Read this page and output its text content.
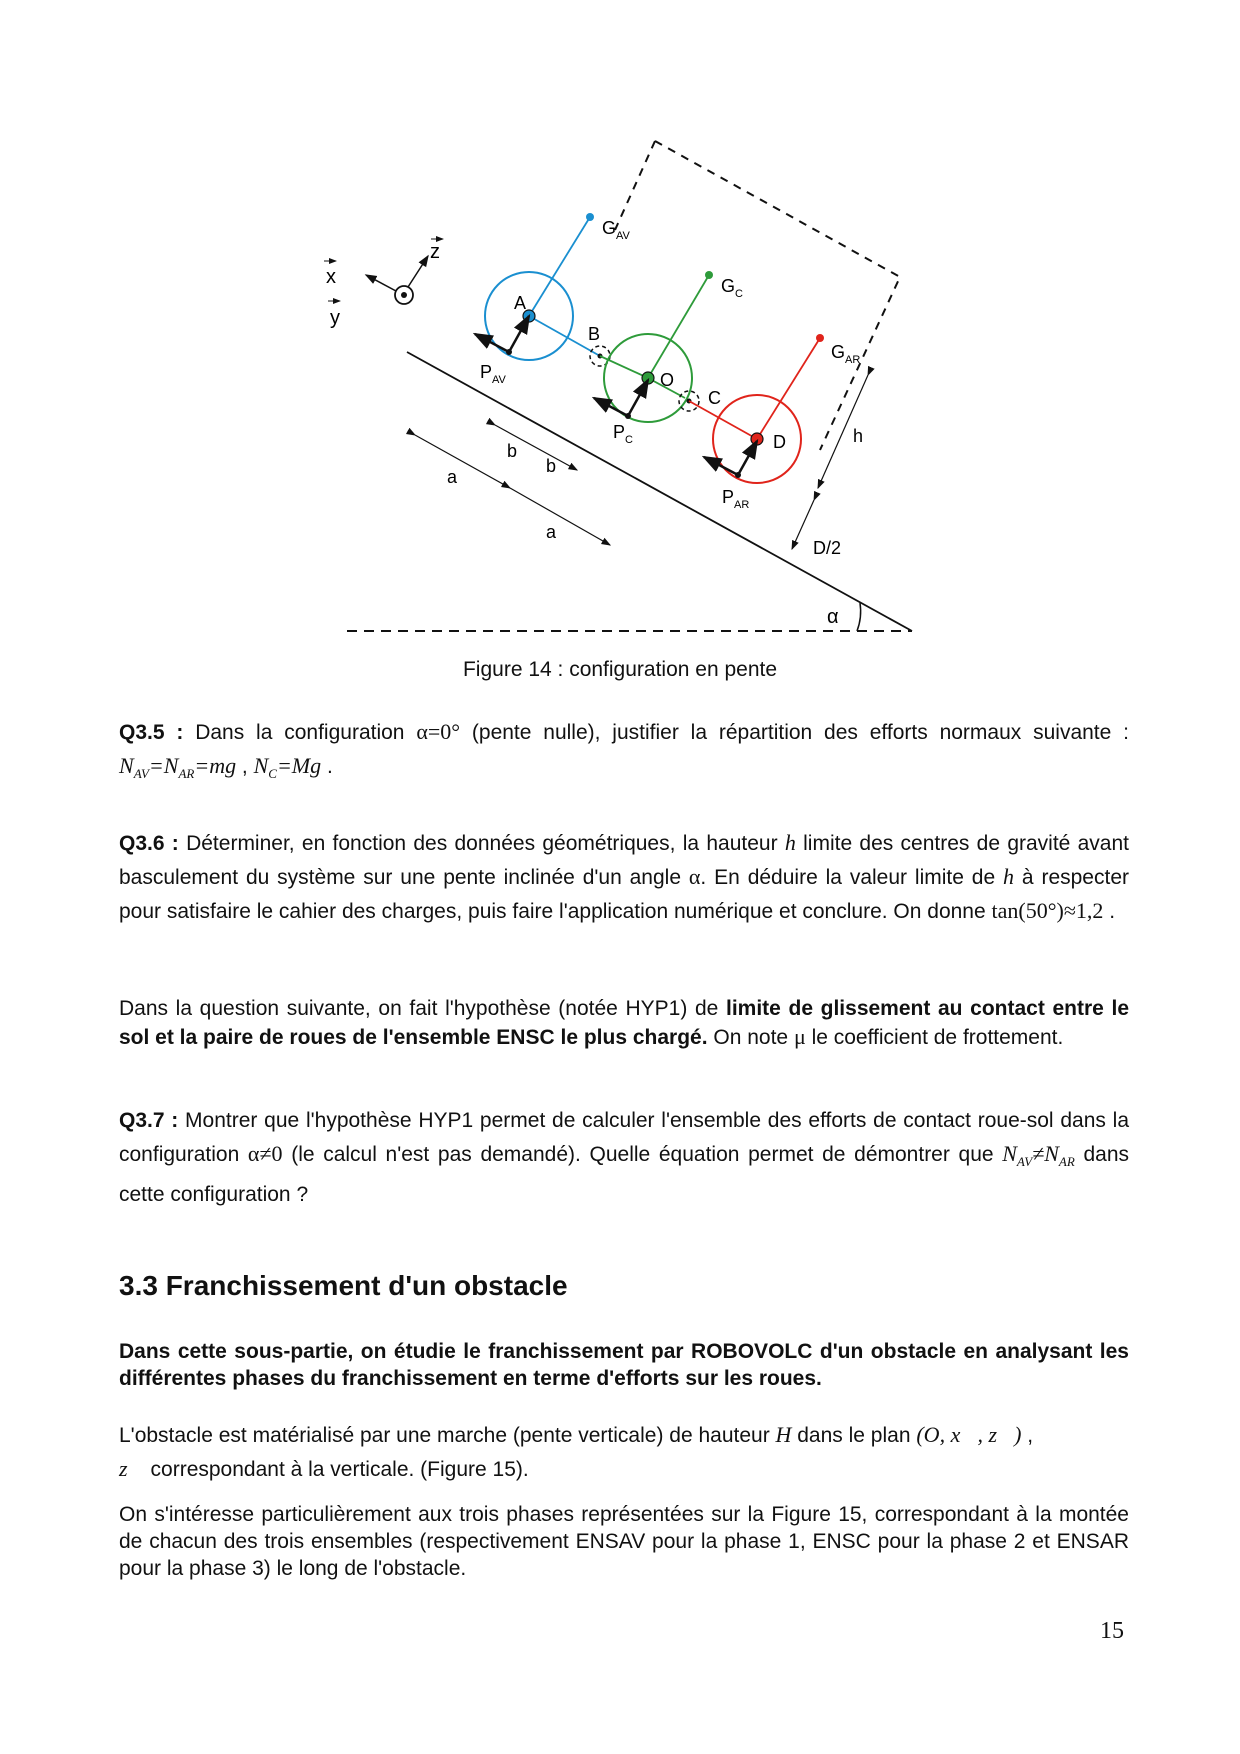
α
x
z
y
A
$G_{AV}$
$P_{AV}$
B
O
$G_C$
$P_C$
C
D
$G_{AR}$
$P_{AR}$
h
D/2
a
a
b
b
Figure 14 : configuration en pente
Q3.5 : Dans la configuration α=0° (pente nulle), justifier la répartition des efforts normaux suivante : $N_{AV}=N_{AR}=mg$ , $N_C=Mg$ .
Q3.6 : Déterminer, en fonction des données géométriques, la hauteur h limite des centres de gravité avant basculement du système sur une pente inclinée d'un angle α. En déduire la valeur limite de h à respecter pour satisfaire le cahier des charges, puis faire l'application numérique et conclure. On donne tan(50°)≈1,2 .
Dans la question suivante, on fait l'hypothèse (notée HYP1) de limite de glissement au contact entre le sol et la paire de roues de l'ensemble ENSC le plus chargé. On note μ le coefficient de frottement.
Q3.7 : Montrer que l'hypothèse HYP1 permet de calculer l'ensemble des efforts de contact roue-sol dans la configuration α≠0 (le calcul n'est pas demandé). Quelle équation permet de démontrer que $N_{AV}\ne N_{AR}$ dans cette configuration ?
3.3 Franchissement d'un obstacle
Dans cette sous-partie, on étudie le franchissement par ROBOVOLC d'un obstacle en analysant les différentes phases du franchissement en terme d'efforts sur les roues.
L'obstacle est matérialisé par une marche (pente verticale) de hauteur H dans le plan (O, x⃗, z⃗) ,
z⃗ correspondant à la verticale. (Figure 15).
On s'intéresse particulièrement aux trois phases représentées sur la Figure 15, correspondant à la montée de chacun des trois ensembles (respectivement ENSAV pour la phase 1, ENSC pour la phase 2 et ENSAR pour la phase 3) le long de l'obstacle.
15
